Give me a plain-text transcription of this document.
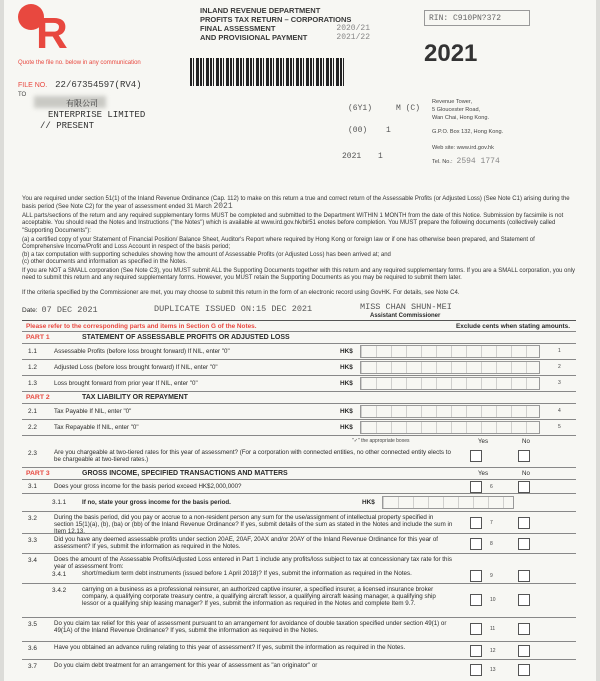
R
Quote the file no. below in any communication
FILE NO. 22/67354597(RV4)
TO
有限公司
ENTERPRISE LIMITED
// PRESENT
INLAND REVENUE DEPARTMENT
PROFITS TAX RETURN – CORPORATIONS
FINAL ASSESSMENT	2020/21
AND PROVISIONAL PAYMENT	2021/22
RIN: C910PN?372
2021
(6Y1)	M (C)
(00) 1
2021 1
Revenue Tower,
5 Gloucester Road,
Wan Chai, Hong Kong.
G.P.O. Box 132, Hong Kong.
Web site: www.ird.gov.hk
Tel. No.: 2594 1774
You are required under section 51(1) of the Inland Revenue Ordinance (Cap. 112) to make on this return a true and correct return of the Assessable Profits (or Adjusted Loss) (See Note C1) arising during the basis period (See Note C2) for the year of assessment ended 31 March 2021
ALL parts/sections of the return and any required supplementary forms MUST be completed and submitted to the Department WITHIN 1 MONTH from the date of this Notice. Submission by facsimile is not acceptable. You should read the Notes and Instructions ("the Notes") which is available at www.ird.gov.hk/bir51 enotes before completion. You MUST prepare the following documents (collectively called "Supporting Documents"):
(a) a certified copy of your Statement of Financial Position/ Balance Sheet, Auditor's Report where required by Hong Kong or foreign law or if one has otherwise been prepared, and Statement of Comprehensive Income/Profit and Loss Account in respect of the basis period;
(b) a tax computation with supporting schedules showing how the amount of Assessable Profits (or Adjusted Loss) has been arrived at; and
(c) other documents and information as specified in the Notes.
If you are NOT a SMALL corporation (See Note C3), you MUST submit ALL the Supporting Documents together with this return and any required supplementary forms. If you are a SMALL corporation, you only need to submit this return and any required supplementary forms. However, you MUST retain the Supporting Documents as you may be required to submit them later.
If the criteria specified by the Commissioner are met, you may choose to submit this return in the form of an electronic record using GovHK. For details, see Note C4.
Date: 07 DEC 2021	DUPLICATE ISSUED ON:15 DEC 2021	MISS CHAN SHUN-MEI
Assistant Commissioner
Please refer to the corresponding parts and items in Section G of the Notes.	Exclude cents when stating amounts.
PART 1	STATEMENT OF ASSESSABLE PROFITS OR ADJUSTED LOSS
1.1	Assessable Profits (before loss brought forward) If NIL, enter "0"	HK$	1
1.2	Adjusted Loss (before loss brought forward) If NIL, enter "0"	HK$	2
1.3	Loss brought forward from prior year If NIL, enter "0"	HK$	3
PART 2	TAX LIABILITY OR REPAYMENT
2.1	Tax Payable If NIL, enter "0"	HK$	4
2.2	Tax Repayable If NIL, enter "0"	HK$	5
"✓" the appropriate boxes	Yes	No
2.3	Are you chargeable at two-tiered rates for this year of assessment? (For a corporation with connected entities, no other connected entity elects to be chargeable at two-tiered rates.)
PART 3	GROSS INCOME, SPECIFIED TRANSACTIONS AND MATTERS	Yes	No
3.1	Does your gross income for the basis period exceed HK$2,000,000?	6
3.1.1	If no, state your gross income for the basis period.	HK$
3.2	During the basis period, did you pay or accrue to a non-resident person any sum for the use/assignment of intellectual property specified in section 15(1)(a), (b), (ba) or (bb) of the Inland Revenue Ordinance? If yes, submit details of the sum as stated in the Notes and include the sum in Item 12.13.
7
3.3	Did you have any deemed assessable profits under section 20AE, 20AF, 20AX and/or 20AY of the Inland Revenue Ordinance for this year of assessment? If yes, submit the information as required in the Notes.	8
3.4	Does the amount of the Assessable Profits/Adjusted Loss entered in Part 1 include any profits/loss subject to tax at concessionary tax rate for this year of assessment from:
3.4.1	short/medium term debt instruments (issued before 1 April 2018)? If yes, submit the information as required in the Notes.	9
3.4.2	carrying on a business as a professional reinsurer, an authorized captive insurer, a specified insurer, a licensed insurance broker company, a qualifying corporate treasury centre, a qualifying aircraft lessor, a qualifying aircraft leasing manager, a qualifying ship lessor or a qualifying ship leasing manager? If yes, submit the information as required in the Notes and complete Item 9.7.	10
3.5	Do you claim tax relief for this year of assessment pursuant to an arrangement for avoidance of double taxation specified under section 49(1) or 49(1A) of the Inland Revenue Ordinance? If yes, submit the information as required in the Notes.	11
3.6	Have you obtained an advance ruling relating to this year of assessment? If yes, submit the information as required in the Notes.	12
3.7	Do you claim debt treatment for an arrangement for this year of assessment as "an originator" or
13
